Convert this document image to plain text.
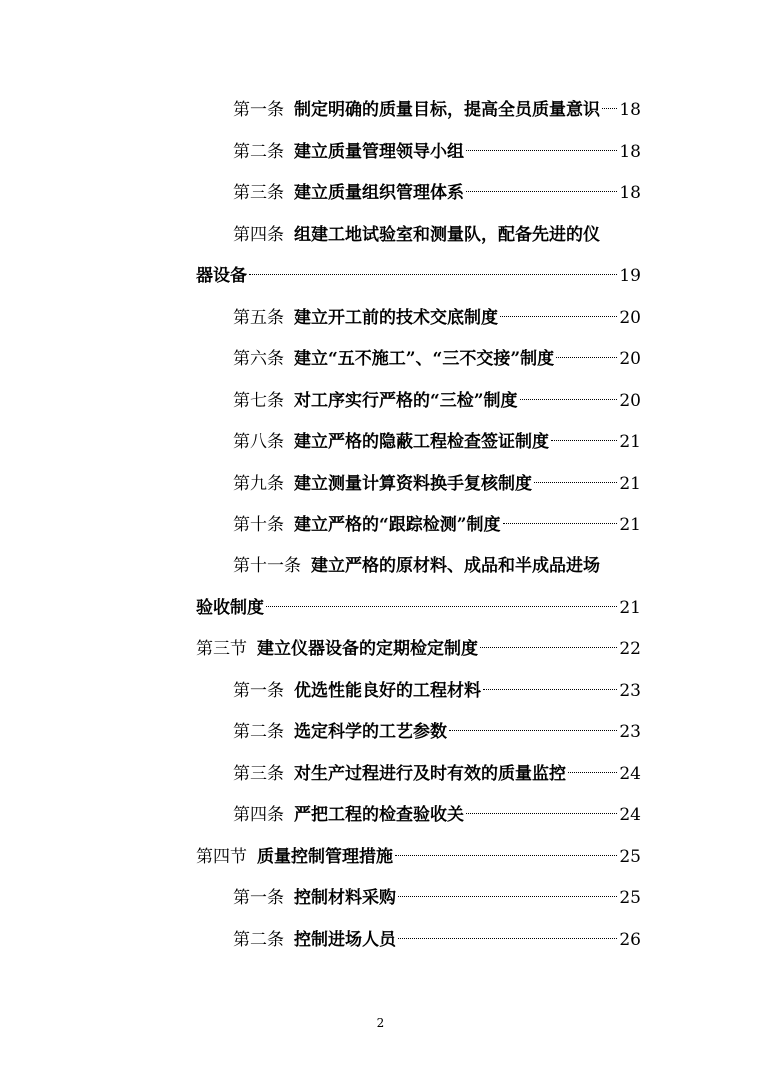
第一条 制定明确的质量目标，提高全员质量意识 18
第二条 建立质量管理领导小组	18
第三条 建立质量组织管理体系	18
第四条 组建工地试验室和测量队，配备先进的仪
器设备	19
第五条 建立开工前的技术交底制度	20
第六条 建立“五不施工”、“三不交接”制度	20
第七条 对工序实行严格的“三检”制度	20
第八条 建立严格的隐蔽工程检查签证制度	21
第九条 建立测量计算资料换手复核制度	21
第十条 建立严格的“跟踪检测”制度	21
第十一条 建立严格的原材料、成品和半成品进场
验收制度	21
第三节 建立仪器设备的定期检定制度	22
第一条 优选性能良好的工程材料	23
第二条 选定科学的工艺参数	23
第三条 对生产过程进行及时有效的质量监控	24
第四条 严把工程的检查验收关	24
第四节 质量控制管理措施	25
第一条 控制材料采购	25
第二条 控制进场人员	26
2
